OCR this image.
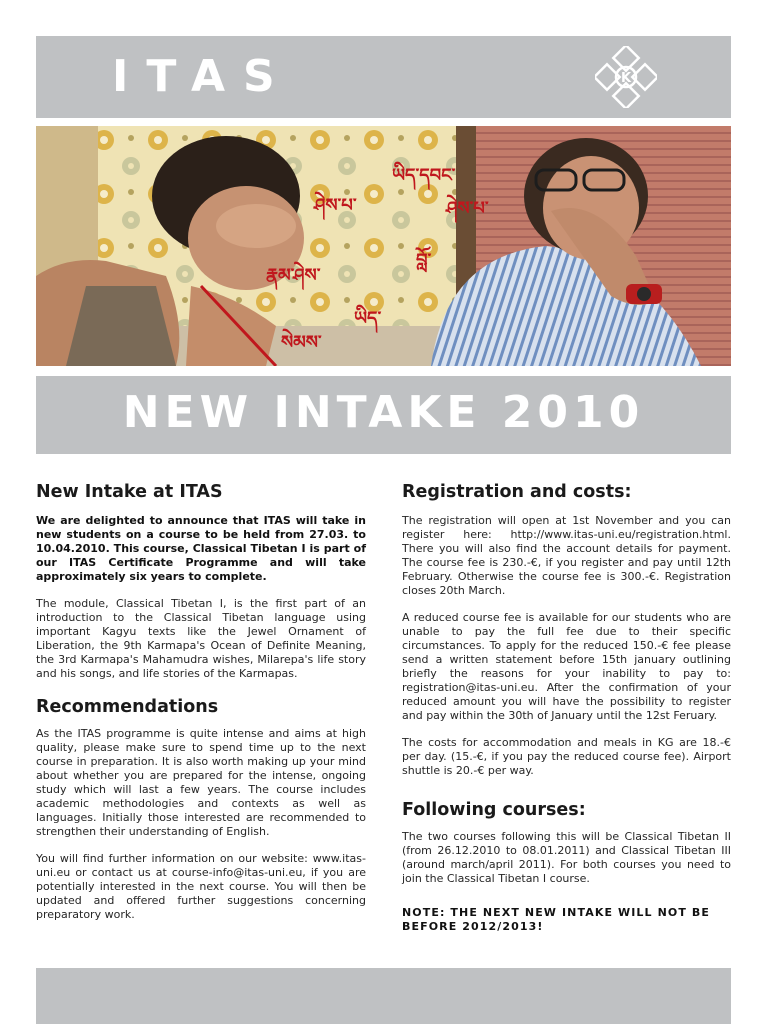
ITAS	K
ཤེས་པ་
ཡིད་དབང་
རྣམ་ཤེས་
ཤེས་པ་
བློ་
ཡིད་
སེམས་
NEW INTAKE 2010
New Intake at ITAS

We are delighted to announce that ITAS will take in new students on a course to be held from 27.03. to 10.04.2010. This course, Classical Tibetan I is part of our ITAS Certificate Programme and will take approximately six years to complete.

The module, Classical Tibetan I, is the first part of an introduction to the Classical Tibetan language using important Kagyu texts like the Jewel Ornament of Liberation, the 9th Karmapa's Ocean of Definite Meaning, the 3rd Karmapa's Mahamudra wishes, Milarepa's life story and his songs, and life stories of the Karmapas.

Recommendations

As the ITAS programme is quite intense and aims at high quality, please make sure to spend time up to the next course in preparation. It is also worth making up your mind about whether you are prepared for the intense, ongoing study which will last a few years. The course includes academic methodologies and contexts as well as languages. Initially those interested are recommended to strengthen their understanding of English.

You will find further information on our website: www.itas-uni.eu or contact us at course-info@itas-uni.eu, if you are potentially interested in the next course. You will then be updated and offered further suggestions concerning preparatory work.

Registration and costs:

The registration will open at 1st November and you can register here: http://www.itas-uni.eu/registration.html. There you will also find the account details for payment. The course fee is 230.-€, if you register and pay until 12th February. Otherwise the course fee is 300.-€. Registration closes 20th March.

A reduced course fee is available for our students who are unable to pay the full fee due to their specific circumstances. To apply for the reduced 150.-€ fee please send a written statement before 15th january outlining briefly the reasons for your inability to pay to: registration@itas-uni.eu. After the confirmation of your reduced amount you will have the possibility to register and pay within the 30th of January until the 12st Feruary.

The costs for accommodation and meals in KG are 18.-€ per day. (15.-€, if you pay the reduced course fee). Airport shuttle is 20.-€ per way.

Following courses:

The two courses following this will be Classical Tibetan II (from 26.12.2010 to 08.01.2011) and Classical Tibetan III (around march/april 2011). For both courses you need to join the Classical Tibetan I course.

NOTE: THE NEXT NEW INTAKE WILL NOT BE BEFORE 2012/2013!
